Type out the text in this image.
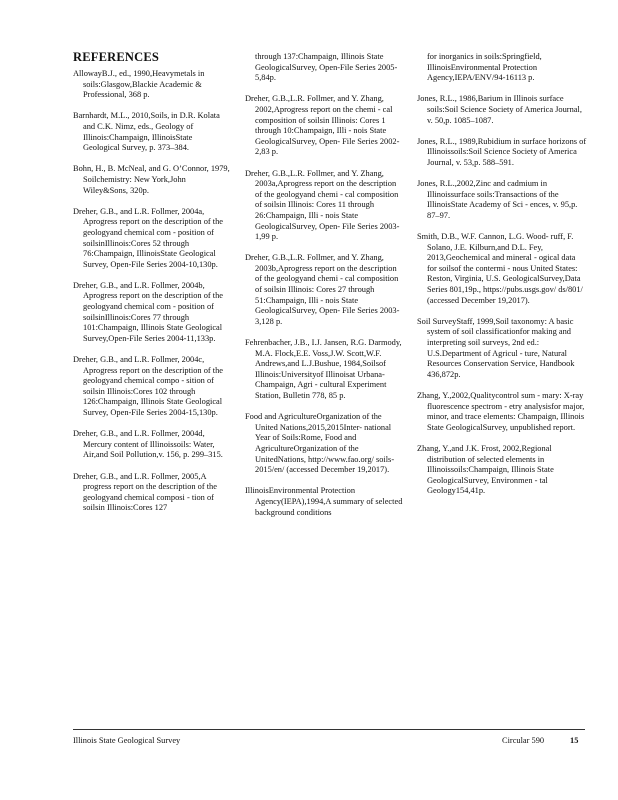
REFERENCES

AllowayB.J., ed., 1990,Heavymetals in soils:Glasgow,Blackie Academic & Professional, 368 p.

Barnhardt, M.L., 2010,Soils, in D.R. Kolata and C.K. Nimz, eds., Geology of Illinois:Champaign, IllinoisState Geological Survey, p. 373–384.

Bohn, H., B. McNeal, and G. O’Connor, 1979, Soilchemistry: New York,John Wiley&Sons, 320p.

Dreher, G.B., and L.R. Follmer, 2004a, Aprogress report on the description of the geologyand chemical com - position of soilsinIllinois:Cores 52 through 76:Champaign, IllinoisState Geological Survey, Open-File Series 2004-10,130p.

Dreher, G.B., and L.R. Follmer, 2004b, Aprogress report on the description of the geologyand chemical com - position of soilsinIllinois:Cores 77 through 101:Champaign, Illinois State Geological Survey,Open-File Series 2004-11,133p.

Dreher, G.B., and L.R. Follmer, 2004c, Aprogress report on the description of the geologyand chemical compo - sition of soilsin Illinois:Cores 102 through 126:Champaign, Illinois State Geological Survey, Open-File Series 2004-15,130p.

Dreher, G.B., and L.R. Follmer, 2004d, Mercury content of Illinoissoils: Water, Air,and Soil Pollution,v. 156, p. 299–315.

Dreher, G.B., and L.R. Follmer, 2005,A progress report on the description of the geologyand chemical composi - tion of soilsin Illinois:Cores 127

through 137:Champaign, Illinois State GeologicalSurvey, Open-File Series 2005-5,84p.

Dreher, G.B.,L.R. Follmer, and Y. Zhang, 2002,Aprogress report on the chemi - cal composition of soilsin Illinois: Cores 1 through 10:Champaign, Illi - nois State GeologicalSurvey, Open- File Series 2002-2,83 p.

Dreher, G.B.,L.R. Follmer, and Y. Zhang, 2003a,Aprogress report on the description of the geologyand chemi - cal composition of soilsin Illinois: Cores 11 through 26:Champaign, Illi - nois State GeologicalSurvey, Open- File Series 2003-1,99 p.

Dreher, G.B.,L.R. Follmer, and Y. Zhang, 2003b,Aprogress report on the description of the geologyand chemi - cal composition of soilsin Illinois: Cores 27 through 51:Champaign, Illi - nois State GeologicalSurvey, Open- File Series 2003-3,128 p.

Fehrenbacher, J.B., I.J. Jansen, R.G. Darmody, M.A. Flock,E.E. Voss,J.W. Scott,W.F. Andrews,and L.J.Bushue, 1984,Soilsof Illinois:Universityof Illinoisat Urbana-Champaign, Agri - cultural Experiment Station, Bulletin 778, 85 p.

Food and AgricultureOrganization of the United Nations,2015,2015Inter- national Year of Soils:Rome, Food and AgricultureOrganization of the UnitedNations, http://www.fao.org/ soils-2015/en/ (accessed December 19,2017).

IllinoisEnvironmental Protection Agency(IEPA),1994,A summary of selected background conditions

for inorganics in soils:Springfield, IllinoisEnvironmental Protection Agency,IEPA/ENV/94-16113 p.

Jones, R.L., 1986,Barium in Illinois surface soils:Soil Science Society of America Journal, v. 50,p. 1085–1087.

Jones, R.L., 1989,Rubidium in surface horizons of Illinoissoils:Soil Science Society of America Journal, v. 53,p. 588–591.

Jones, R.L.,2002,Zinc and cadmium in Illinoissurface soils:Transactions of the IllinoisState Academy of Sci - ences, v. 95,p. 87–97.

Smith, D.B., W.F. Cannon, L.G. Wood- ruff, F. Solano, J.E. Kilburn,and D.L. Fey, 2013,Geochemical and mineral - ogical data for soilsof the contermi - nous United States: Reston, Virginia, U.S. GeologicalSurvey,Data Series 801,19p., https://pubs.usgs.gov/ ds/801/ (accessed December 19,2017).

Soil SurveyStaff, 1999,Soil taxonomy: A basic system of soil classificationfor making and interpreting soil surveys, 2nd ed.: U.S.Department of Agricul - ture, Natural Resources Conservation Service, Handbook 436,872p.

Zhang, Y.,2002,Qualitycontrol sum - mary: X-ray fluorescence spectrom - etry analysisfor major, minor, and trace elements: Champaign, Illinois State GeologicalSurvey, unpublished report.

Zhang, Y.,and J.K. Frost, 2002,Regional distribution of selected elements in Illinoissoils:Champaign, Illinois State GeologicalSurvey, Environmen - tal Geology154,41p.

Illinois State Geological Survey	Circular 590	15
